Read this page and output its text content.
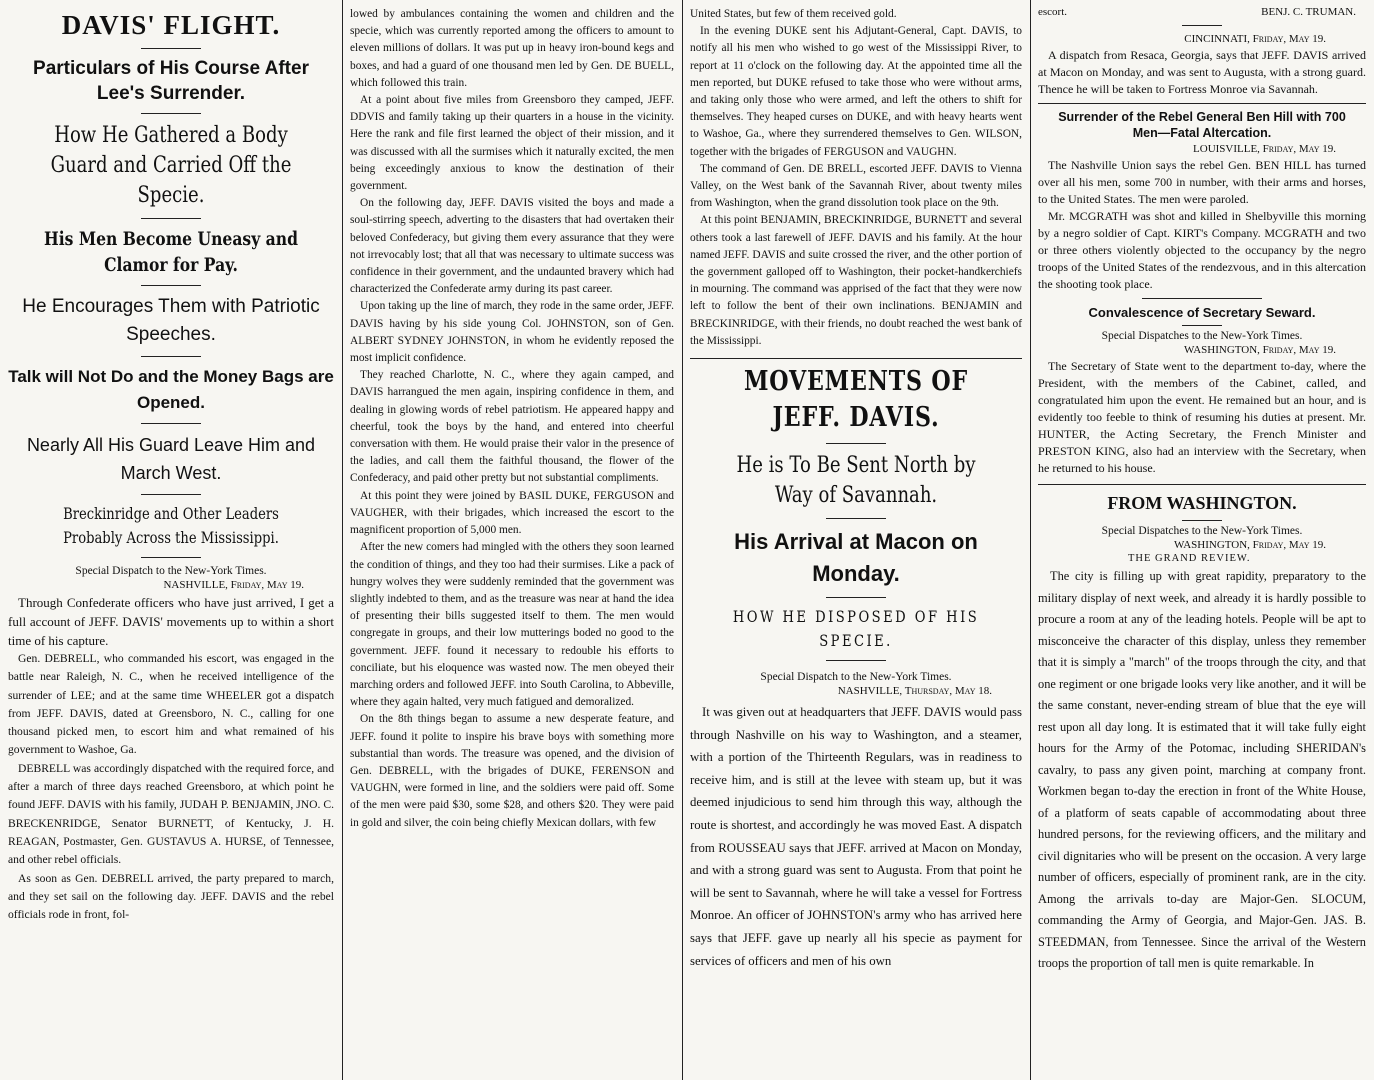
DAVIS' FLIGHT.
Particulars of His Course After Lee's Surrender.
How He Gathered a Body Guard and Carried Off the Specie.
His Men Become Uneasy and Clamor for Pay.
He Encourages Them with Patriotic Speeches.
Talk will Not Do and the Money Bags are Opened.
Nearly All His Guard Leave Him and March West.
Breckinridge and Other Leaders Probably Across the Mississippi.
Special Dispatch to the New-York Times.
NASHVILLE, Friday, May 19.

Through Confederate officers who have just arrived, I get a full account of JEFF. DAVIS' movements up to within a short time of his capture.

Gen. DEBRELL, who commanded his escort, was engaged in the battle near Raleigh, N. C., when he received intelligence of the surrender of LEE; and at the same time WHEELER got a dispatch from JEFF. DAVIS, dated at Greensboro, N. C., calling for one thousand picked men, to escort him and what remained of his government to Washoe, Ga.

DEBRELL was accordingly dispatched with the required force, and after a march of three days reached Greensboro, at which point he found JEFF. DAVIS with his family, JUDAH P. BENJAMIN, JNO. C. BRECKENRIDGE, Senator BURNETT, of Kentucky, J. H. REAGAN, Postmaster, Gen. GUSTAVUS A. HURSE, of Tennessee, and other rebel officials.

As soon as Gen. DEBRELL arrived, the party prepared to march, and they set sail on the following day. JEFF. DAVIS and the rebel officials rode in front, fol-

lowed by ambulances containing the women and children and the specie, which was currently reported among the officers to amount to eleven millions of dollars. It was put up in heavy iron-bound kegs and boxes, and had a guard of one thousand men led by Gen. DE BUELL, which followed this train.

At a point about five miles from Greensboro they camped, JEFF. DDVIS and family taking up their quarters in a house in the vicinity. Here the rank and file first learned the object of their mission, and it was discussed with all the surmises which it naturally excited, the men being exceedingly anxious to know the destination of their government.

On the following day, JEFF. DAVIS visited the boys and made a soul-stirring speech, adverting to the disasters that had overtaken their beloved Confederacy, but giving them every assurance that they were not irrevocably lost; that all that was necessary to ultimate success was confidence in their government, and the undaunted bravery which had characterized the Confederate army during its past career.

Upon taking up the line of march, they rode in the same order, JEFF. DAVIS having by his side young Col. JOHNSTON, son of Gen. ALBERT SYDNEY JOHNSTON, in whom he evidently reposed the most implicit confidence.

They reached Charlotte, N. C., where they again camped, and DAVIS harrangued the men again, inspiring confidence in them, and dealing in glowing words of rebel patriotism. He appeared happy and cheerful, took the boys by the hand, and entered into cheerful conversation with them. He would praise their valor in the presence of the ladies, and call them the faithful thousand, the flower of the Confederacy, and paid other pretty but not substantial compliments.

At this point they were joined by BASIL DUKE, FERGUSON and VAUGHER, with their brigades, which increased the escort to the magnificent proportion of 5,000 men.

After the new comers had mingled with the others they soon learned the condition of things, and they too had their surmises. Like a pack of hungry wolves they were suddenly reminded that the government was slightly indebted to them, and as the treasure was near at hand the idea of presenting their bills suggested itself to them. The men would congregate in groups, and their low mutterings boded no good to the government. JEFF. found it necessary to redouble his efforts to conciliate, but his eloquence was wasted now. The men obeyed their marching orders and followed JEFF. into South Carolina, to Abbeville, where they again halted, very much fatigued and demoralized.

On the 8th things began to assume a new desperate feature, and JEFF. found it polite to inspire his brave boys with something more substantial than words. The treasure was opened, and the division of Gen. DEBRELL, with the brigades of DUKE, FERENSON and VAUGHN, were formed in line, and the soldiers were paid off. Some of the men were paid $30, some $28, and others $20. They were paid in gold and silver, the coin being chiefly Mexican dollars, with few

United States, but few of them received gold.

In the evening DUKE sent his Adjutant-General, Capt. DAVIS, to notify all his men who wished to go west of the Mississippi River, to report at 11 o'clock on the following day. At the appointed time all the men reported, but DUKE refused to take those who were without arms, and taking only those who were armed, and left the others to shift for themselves. They heaped curses on DUKE, and with heavy hearts went to Washoe, Ga., where they surrendered themselves to Gen. WILSON, together with the brigades of FERGUSON and VAUGHN.

The command of Gen. DE BRELL, escorted JEFF. DAVIS to Vienna Valley, on the West bank of the Savannah River, about twenty miles from Washington, when the grand dissolution took place on the 9th.

At this point BENJAMIN, BRECKINRIDGE, BURNETT and several others took a last farewell of JEFF. DAVIS and his family. At the hour named JEFF. DAVIS and suite crossed the river, and the other portion of the government galloped off to Washington, their pocket-handkerchiefs in mourning. The command was apprised of the fact that they were now left to follow the bent of their own inclinations. BENJAMIN and BRECKINRIDGE, with their friends, no doubt reached the west bank of the Mississippi.

MOVEMENTS OF JEFF. DAVIS.
He is To Be Sent North by Way of Savannah.
His Arrival at Macon on Monday.
HOW HE DISPOSED OF HIS SPECIE.
Special Dispatch to the New-York Times.
NASHVILLE, Thursday, May 18.

It was given out at headquarters that JEFF. DAVIS would pass through Nashville on his way to Washington, and a steamer, with a portion of the Thirteenth Regulars, was in readiness to receive him, and is still at the levee with steam up, but it was deemed injudicious to send him through this way, although the route is shortest, and accordingly he was moved East. A dispatch from ROUSSEAU says that JEFF. arrived at Macon on Monday, and with a strong guard was sent to Augusta. From that point he will be sent to Savannah, where he will take a vessel for Fortress Monroe. An officer of JOHNSTON's army who has arrived here says that JEFF. gave up nearly all his specie as payment for services of officers and men of his own

escort.	BENJ. C. TRUMAN.
CINCINNATI, Friday, May 19.

A dispatch from Resaca, Georgia, says that JEFF. DAVIS arrived at Macon on Monday, and was sent to Augusta, with a strong guard. Thence he will be taken to Fortress Monroe via Savannah.

Surrender of the Rebel General Ben Hill with 700 Men—Fatal Altercation.
LOUISVILLE, Friday, May 19.

The Nashville Union says the rebel Gen. BEN HILL has turned over all his men, some 700 in number, with their arms and horses, to the United States. The men were paroled.

Mr. MCGRATH was shot and killed in Shelbyville this morning by a negro soldier of Capt. KIRT's Company. MCGRATH and two or three others violently objected to the occupancy by the negro troops of the United States of the rendezvous, and in this altercation the shooting took place.

Convalescence of Secretary Seward.
Special Dispatches to the New-York Times.
WASHINGTON, Friday, May 19.

The Secretary of State went to the department to-day, where the President, with the members of the Cabinet, called, and congratulated him upon the event. He remained but an hour, and is evidently too feeble to think of resuming his duties at present. Mr. HUNTER, the Acting Secretary, the French Minister and PRESTON KING, also had an interview with the Secretary, when he returned to his house.

FROM WASHINGTON.
Special Dispatches to the New-York Times.
WASHINGTON, Friday, May 19.
THE GRAND REVIEW.

The city is filling up with great rapidity, preparatory to the military display of next week, and already it is hardly possible to procure a room at any of the leading hotels. People will be apt to misconceive the character of this display, unless they remember that it is simply a "march" of the troops through the city, and that one regiment or one brigade looks very like another, and it will be the same constant, never-ending stream of blue that the eye will rest upon all day long. It is estimated that it will take fully eight hours for the Army of the Potomac, including SHERIDAN's cavalry, to pass any given point, marching at company front. Workmen began to-day the erection in front of the White House, of a platform of seats capable of accommodating about three hundred persons, for the reviewing officers, and the military and civil dignitaries who will be present on the occasion. A very large number of officers, especially of prominent rank, are in the city. Among the arrivals to-day are Major-Gen. SLOCUM, commanding the Army of Georgia, and Major-Gen. JAS. B. STEEDMAN, from Tennessee. Since the arrival of the Western troops the proportion of tall men is quite remarkable. In
